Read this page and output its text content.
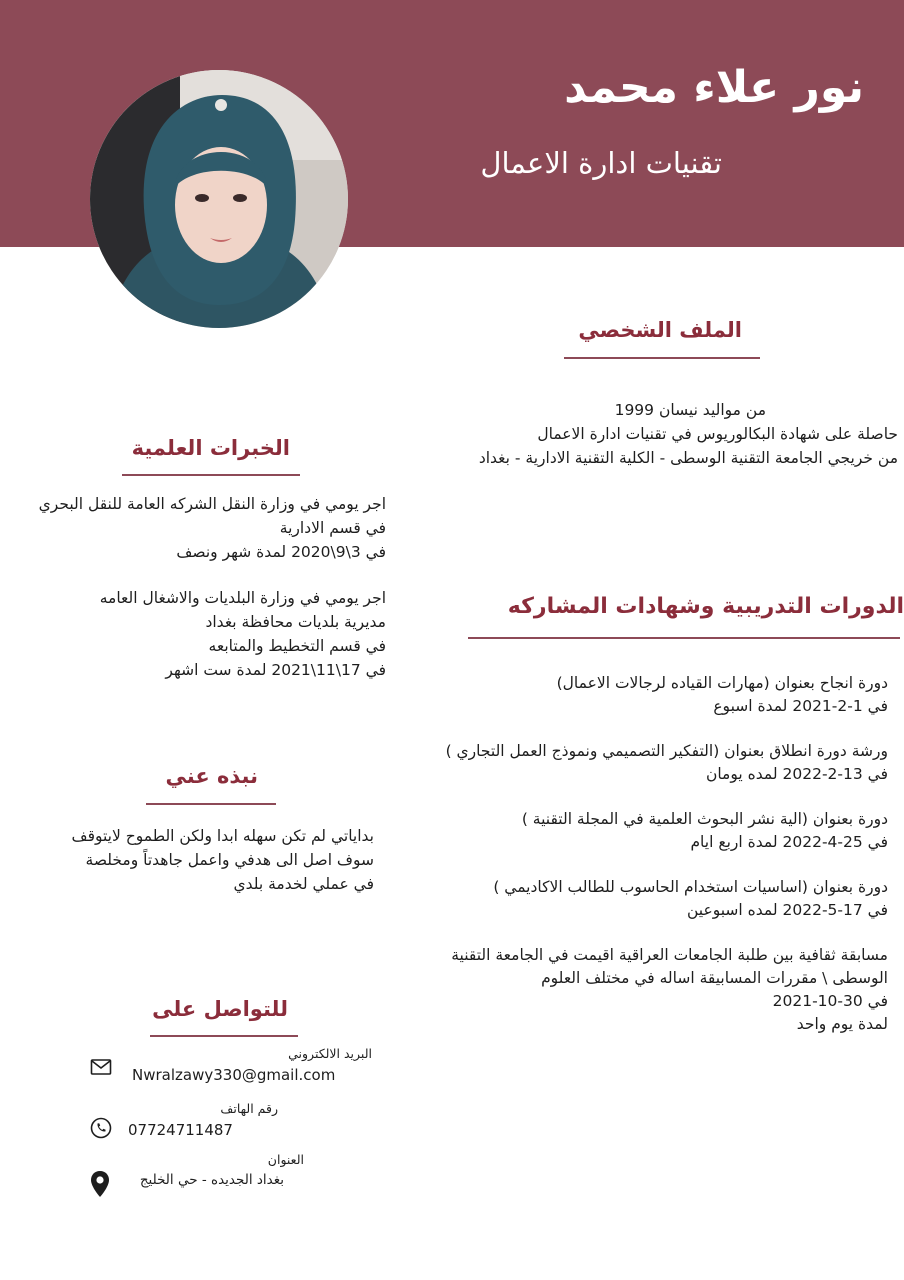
نور علاء محمد
تقنيات ادارة الاعمال
الملف الشخصي
من مواليد نيسان 1999
حاصلة على شهادة البكالوريوس في تقنيات ادارة الاعمال
من خريجي الجامعة التقنية الوسطى - الكلية التقنية الادارية - بغداد
الخبرات العلمية
اجر يومي في وزارة النقل الشركه العامة للنقل البحري
في قسم الادارية
في 3\9\2020 لمدة شهر ونصف
اجر يومي في وزارة البلديات والاشغال العامه
مديرية بلديات محافظة بغداد
في قسم التخطيط والمتابعه
في 17\11\2021 لمدة ست اشهر
الدورات التدريبية وشهادات المشاركه
دورة انجاح بعنوان (مهارات القياده لرجالات الاعمال)
في 1-2-2021 لمدة اسبوع
ورشة دورة انطلاق بعنوان (التفكير التصميمي ونموذج العمل التجاري )
في 13-2-2022 لمده يومان
دورة بعنوان (الية نشر البحوث العلمية في المجلة التقنية )
في 25-4-2022 لمدة اربع ايام
دورة بعنوان (اساسيات استخدام الحاسوب للطالب الاكاديمي )
في 17-5-2022 لمده اسبوعين
مسابقة ثقافية بين طلبة الجامعات العراقية اقيمت في الجامعة التقنية
الوسطى \ مقررات المسابيقة اساله في مختلف العلوم
في 30-10-2021
لمدة يوم واحد
نبذه عني
بداياتي لم تكن سهله ابدا ولكن الطموح لايتوقف
سوف اصل الى هدفي واعمل جاهدتاً ومخلصة
في عملي لخدمة بلدي
للتواصل على
البريد الالكتروني
Nwralzawy330@gmail.com
رقم الهاتف
07724711487
العنوان
بغداد الجديده - حي الخليج
